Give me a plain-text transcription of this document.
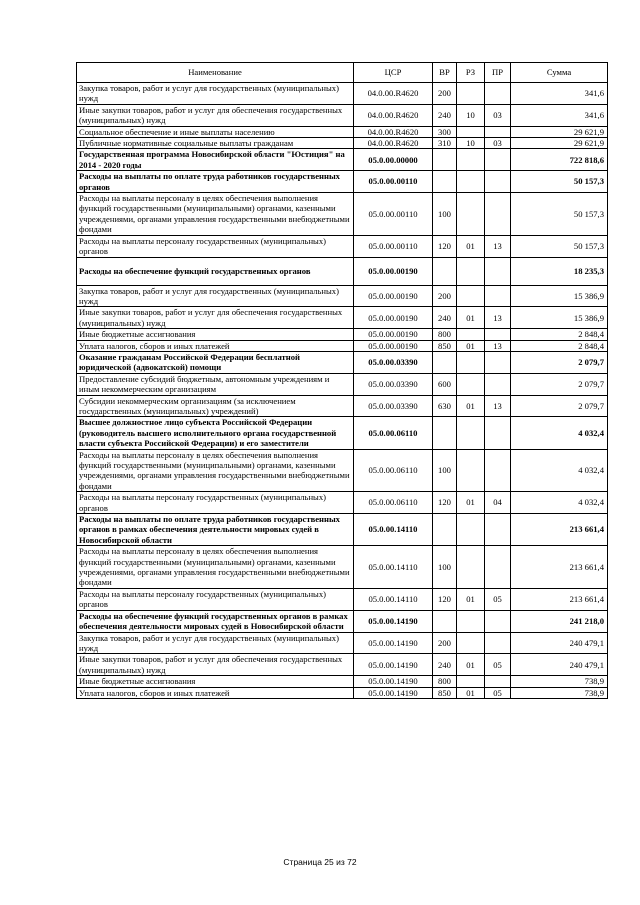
Наименование	ЦСР	ВР	РЗ	ПР	Сумма
Закупка товаров, работ и услуг для государственных (муниципальных) нужд	04.0.00.R4620	200			341,6
Иные закупки товаров, работ и услуг для обеспечения государственных (муниципальных) нужд	04.0.00.R4620	240	10	03	341,6
Социальное обеспечение и иные выплаты населению	04.0.00.R4620	300			29 621,9
Публичные нормативные социальные выплаты гражданам	04.0.00.R4620	310	10	03	29 621,9
Государственная программа Новосибирской области "Юстиция" на 2014 - 2020 годы	05.0.00.00000				722 818,6
Расходы на выплаты по оплате труда работников государственных органов	05.0.00.00110				50 157,3
Расходы на выплаты персоналу в целях обеспечения выполнения функций государственными (муниципальными) органами, казенными учреждениями, органами управления государственными внебюджетными фондами	05.0.00.00110	100			50 157,3
Расходы на выплаты персоналу государственных (муниципальных) органов	05.0.00.00110	120	01	13	50 157,3
Расходы на обеспечение функций государственных органов	05.0.00.00190				18 235,3
Закупка товаров, работ и услуг для государственных (муниципальных) нужд	05.0.00.00190	200			15 386,9
Иные закупки товаров, работ и услуг для обеспечения государственных (муниципальных) нужд	05.0.00.00190	240	01	13	15 386,9
Иные бюджетные ассигнования	05.0.00.00190	800			2 848,4
Уплата налогов, сборов и иных платежей	05.0.00.00190	850	01	13	2 848,4
Оказание гражданам Российской Федерации бесплатной юридической (адвокатской) помощи	05.0.00.03390				2 079,7
Предоставление субсидий бюджетным, автономным учреждениям и иным некоммерческим организациям	05.0.00.03390	600			2 079,7
Субсидии некоммерческим организациям (за исключением государственных (муниципальных) учреждений)	05.0.00.03390	630	01	13	2 079,7
Высшее должностное лицо субъекта Российской Федерации (руководитель высшего исполнительного органа государственной власти субъекта Российской Федерации) и его заместители	05.0.00.06110				4 032,4
Расходы на выплаты персоналу в целях обеспечения выполнения функций государственными (муниципальными) органами, казенными учреждениями, органами управления государственными внебюджетными фондами	05.0.00.06110	100			4 032,4
Расходы на выплаты персоналу государственных (муниципальных) органов	05.0.00.06110	120	01	04	4 032,4
Расходы на выплаты по оплате труда работников государственных органов в рамках обеспечения деятельности мировых судей в Новосибирской области	05.0.00.14110				213 661,4
Расходы на выплаты персоналу в целях обеспечения выполнения функций государственными (муниципальными) органами, казенными учреждениями, органами управления государственными внебюджетными фондами	05.0.00.14110	100			213 661,4
Расходы на выплаты персоналу государственных (муниципальных) органов	05.0.00.14110	120	01	05	213 661,4
Расходы на обеспечение функций государственных органов в рамках обеспечения деятельности мировых судей в Новосибирской области	05.0.00.14190				241 218,0
Закупка товаров, работ и услуг для государственных (муниципальных) нужд	05.0.00.14190	200			240 479,1
Иные закупки товаров, работ и услуг для обеспечения государственных (муниципальных) нужд	05.0.00.14190	240	01	05	240 479,1
Иные бюджетные ассигнования	05.0.00.14190	800			738,9
Уплата налогов, сборов и иных платежей	05.0.00.14190	850	01	05	738,9
Страница 25 из 72
